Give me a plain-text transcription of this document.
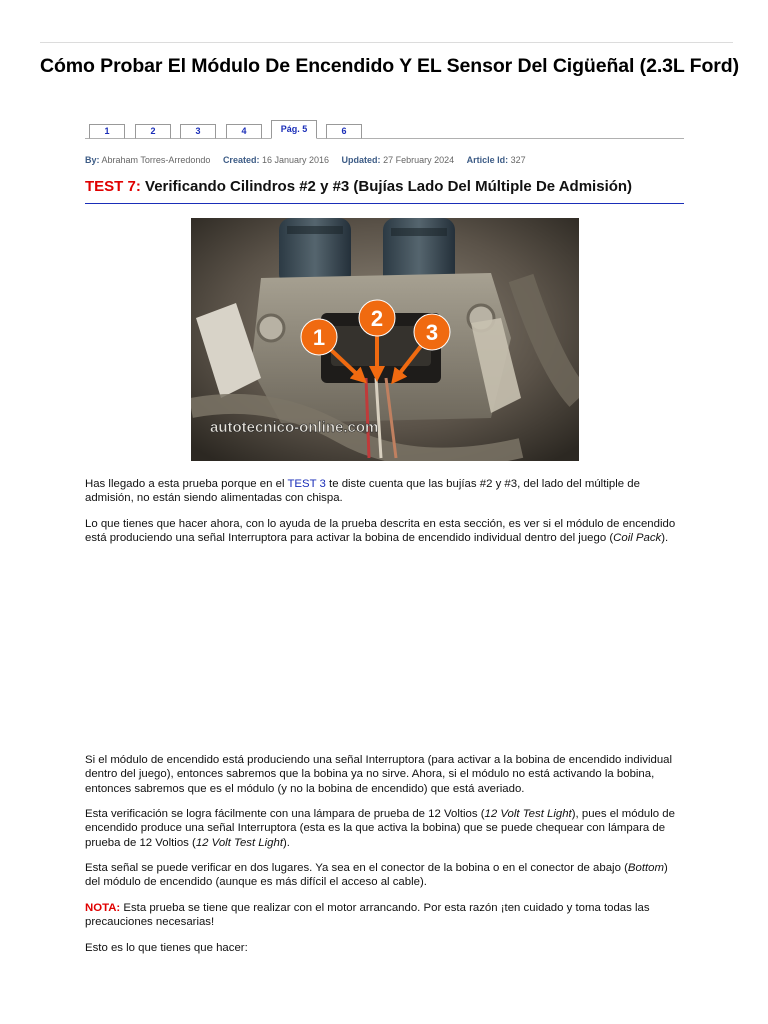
Cómo Probar El Módulo De Encendido Y EL Sensor Del Cigüeñal (2.3L Ford)
1	2	3	4	Pág. 5	6
By: Abraham Torres-Arredondo Created: 16 January 2016 Updated: 27 February 2024 Article Id: 327
TEST 7: Verificando Cilindros #2 y #3 (Bujías Lado Del Múltiple De Admisión)
1
2
3
autotecnico-online.com

Has llegado a esta prueba porque en el TEST 3 te diste cuenta que las bujías #2 y #3, del lado del múltiple de admisión, no están siendo alimentadas con chispa.

Lo que tienes que hacer ahora, con lo ayuda de la prueba descrita en esta sección, es ver si el módulo de encendido está produciendo una señal Interruptora para activar la bobina de encendido individual dentro del juego (Coil Pack).

Si el módulo de encendido está produciendo una señal Interruptora (para activar a la bobina de encendido individual dentro del juego), entonces sabremos que la bobina ya no sirve. Ahora, si el módulo no está activando la bobina, entonces sabremos que es el módulo (y no la bobina de encendido) que está averiado.

Esta verificación se logra fácilmente con una lámpara de prueba de 12 Voltios (12 Volt Test Light), pues el módulo de encendido produce una señal Interruptora (esta es la que activa la bobina) que se puede chequear con lámpara de prueba de 12 Voltios (12 Volt Test Light).

Esta señal se puede verificar en dos lugares. Ya sea en el conector de la bobina o en el conector de abajo (Bottom) del módulo de encendido (aunque es más difícil el acceso al cable).

NOTA: Esta prueba se tiene que realizar con el motor arrancando. Por esta razón ¡ten cuidado y toma todas las precauciones necesarias!

Esto es lo que tienes que hacer:
